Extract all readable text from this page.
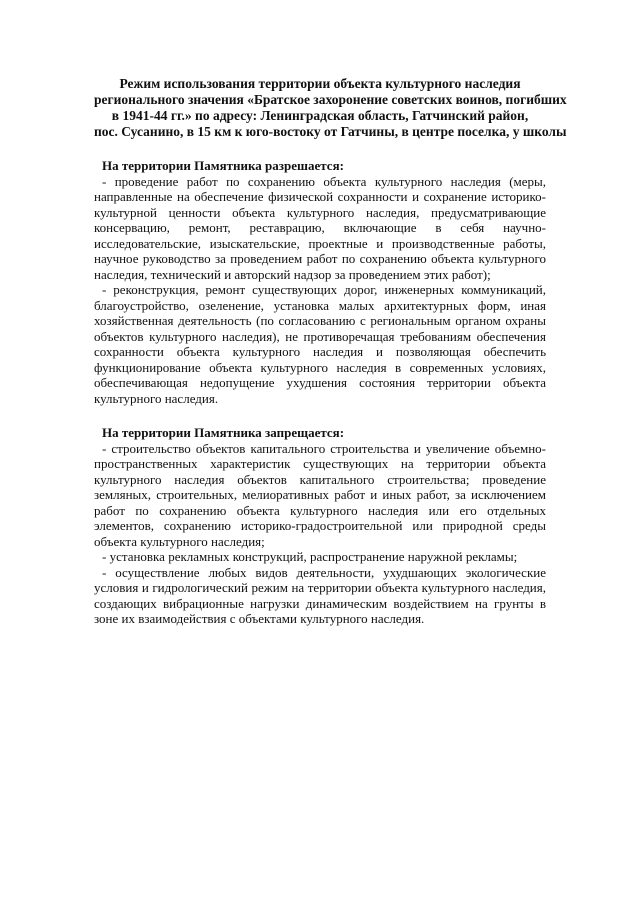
Режим использования территории объекта культурного наследия
регионального значения «Братское захоронение советских воинов, погибших
в 1941-44 гг.» по адресу: Ленинградская область, Гатчинский район,
пос. Сусанино, в 15 км к юго-востоку от Гатчины, в центре поселка, у школы
На территории Памятника разрешается:

- проведение работ по сохранению объекта культурного наследия (меры, направленные на обеспечение физической сохранности и сохранение историко-культурной ценности объекта культурного наследия, предусматривающие консервацию, ремонт, реставрацию, включающие в себя научно-исследовательские, изыскательские, проектные и производственные работы, научное руководство за проведением работ по сохранению объекта культурного наследия, технический и авторский надзор за проведением этих работ);

- реконструкция, ремонт существующих дорог, инженерных коммуникаций, благоустройство, озеленение, установка малых архитектурных форм, иная хозяйственная деятельность (по согласованию с региональным органом охраны объектов культурного наследия), не противоречащая требованиям обеспечения сохранности объекта культурного наследия и позволяющая обеспечить функционирование объекта культурного наследия в современных условиях, обеспечивающая недопущение ухудшения состояния территории объекта культурного наследия.

На территории Памятника запрещается:

- строительство объектов капитального строительства и увеличение объемно-пространственных характеристик существующих на территории объекта культурного наследия объектов капитального строительства; проведение земляных, строительных, мелиоративных работ и иных работ, за исключением работ по сохранению объекта культурного наследия или его отдельных элементов, сохранению историко-градостроительной или природной среды объекта культурного наследия;

- установка рекламных конструкций, распространение наружной рекламы;

- осуществление любых видов деятельности, ухудшающих экологические условия и гидрологический режим на территории объекта культурного наследия, создающих вибрационные нагрузки динамическим воздействием на грунты в зоне их взаимодействия с объектами культурного наследия.
